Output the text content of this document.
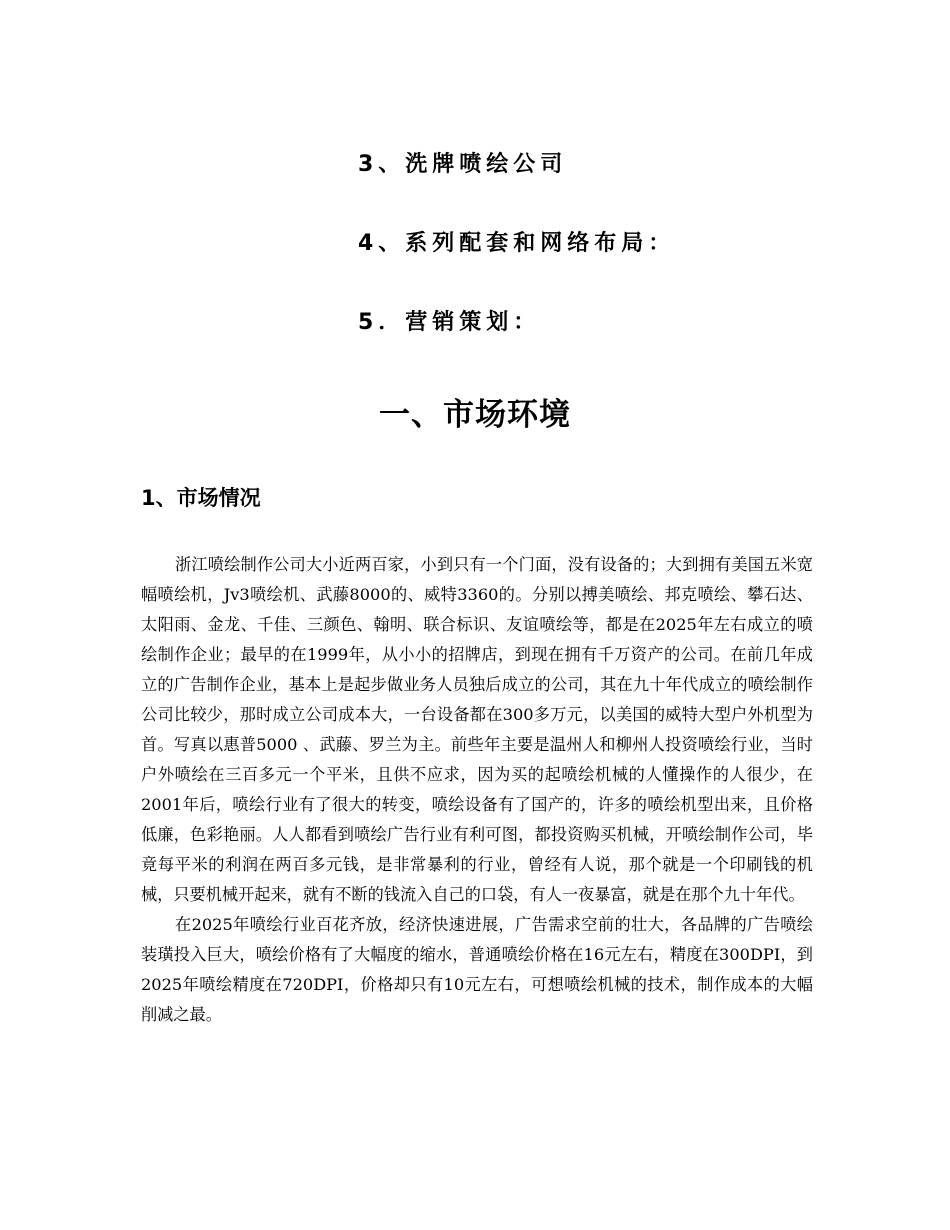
3、洗牌喷绘公司
4、系列配套和网络布局：
5．营销策划：
一、市场环境
1、市场情况

浙江喷绘制作公司大小近两百家，小到只有一个门面，没有设备的；大到拥有美国五米宽幅喷绘机，Jv3喷绘机、武藤8000的、威特3360的。分别以搏美喷绘、邦克喷绘、攀石达、太阳雨、金龙、千佳、三颜色、翰明、联合标识、友谊喷绘等，都是在2025年左右成立的喷绘制作企业；最早的在1999年，从小小的招牌店，到现在拥有千万资产的公司。在前几年成立的广告制作企业，基本上是起步做业务人员独后成立的公司，其在九十年代成立的喷绘制作公司比较少，那时成立公司成本大，一台设备都在300多万元，以美国的威特大型户外机型为首。写真以惠普5000 、武藤、罗兰为主。前些年主要是温州人和柳州人投资喷绘行业，当时户外喷绘在三百多元一个平米，且供不应求，因为买的起喷绘机械的人懂操作的人很少，在2001年后，喷绘行业有了很大的转变，喷绘设备有了国产的，许多的喷绘机型出来，且价格低廉，色彩艳丽。人人都看到喷绘广告行业有利可图，都投资购买机械，开喷绘制作公司，毕竟每平米的利润在两百多元钱，是非常暴利的行业，曾经有人说，那个就是一个印刷钱的机械，只要机械开起来，就有不断的钱流入自己的口袋，有人一夜暴富，就是在那个九十年代。

在2025年喷绘行业百花齐放，经济快速进展，广告需求空前的壮大，各品牌的广告喷绘装璜投入巨大，喷绘价格有了大幅度的缩水，普通喷绘价格在16元左右，精度在300DPI，到2025年喷绘精度在720DPI，价格却只有10元左右，可想喷绘机械的技术，制作成本的大幅削减之最。
